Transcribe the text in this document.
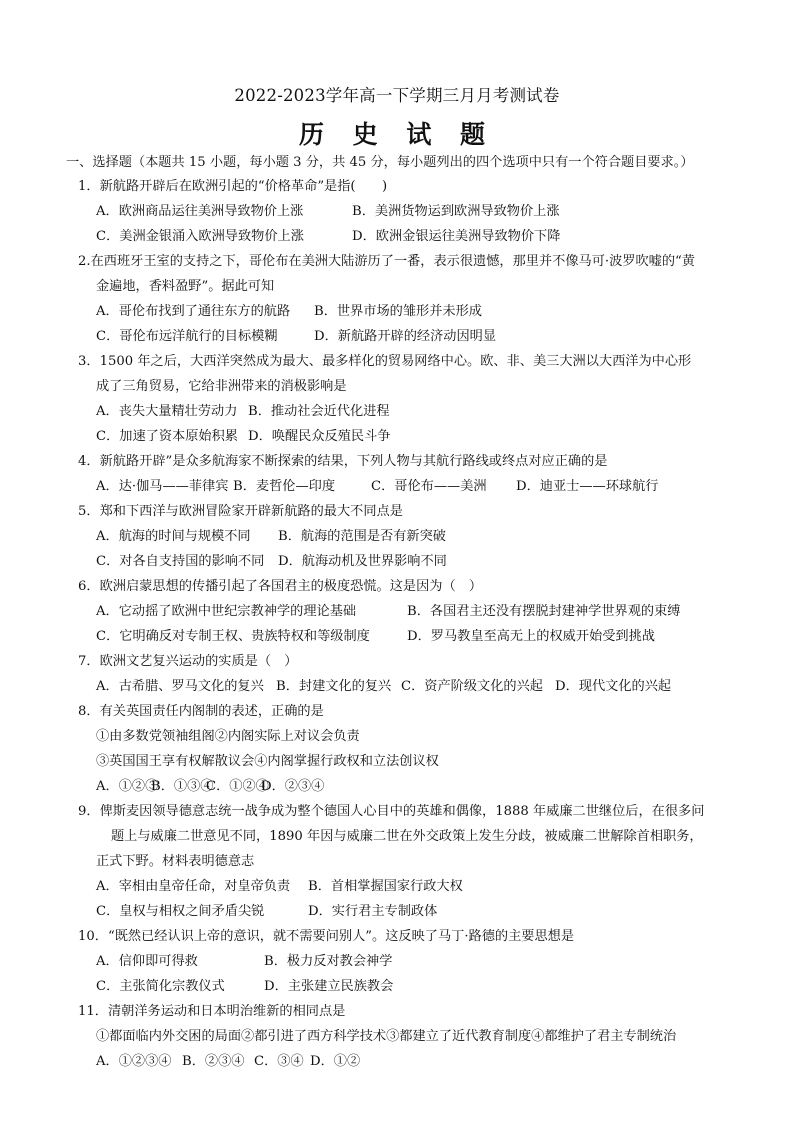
2022-2023学年高一下学期三月月考测试卷
历 史 试 题
一、选择题（本题共 15 小题，每小题 3 分，共 45 分，每小题列出的四个选项中只有一个符合题目要求。）
1．新航路开辟后在欧洲引起的“价格革命”是指(　　)
A．欧洲商品运往美洲导致物价上涨	B．美洲货物运到欧洲导致物价上涨
C．美洲金银涌入欧洲导致物价上涨	D．欧洲金银运往美洲导致物价下降
2.在西班牙王室的支持之下，哥伦布在美洲大陆游历了一番，表示很遗憾，那里并不像马可·波罗吹嘘的“黄
金遍地，香料盈野”。据此可知
A．哥伦布找到了通往东方的航路 B．世界市场的雏形并未形成
C．哥伦布远洋航行的目标模糊	D．新航路开辟的经济动因明显
3．1500 年之后，大西洋突然成为最大、最多样化的贸易网络中心。欧、非、美三大洲以大西洋为中心形
成了三角贸易，它给非洲带来的消极影响是
A．丧失大量精壮劳动力 B．推动社会近代化进程
C．加速了资本原始积累 D．唤醒民众反殖民斗争
4．新航路开辟”是众多航海家不断探索的结果，下列人物与其航行路线或终点对应正确的是
A．达·伽马——菲律宾 B．麦哲伦—印度	C．哥伦布——美洲 D．迪亚士——环球航行
5．郑和下西洋与欧洲冒险家开辟新航路的最大不同点是
A．航海的时间与规模不同 B．航海的范围是否有新突破
C．对各自支持国的影响不同 D．航海动机及世界影响不同
6．欧洲启蒙思想的传播引起了各国君主的极度恐慌。这是因为（　）
A．它动摇了欧洲中世纪宗教神学的理论基础	B．各国君主还没有摆脱封建神学世界观的束缚
C．它明确反对专制王权、贵族特权和等级制度	D．罗马教皇至高无上的权威开始受到挑战
7．欧洲文艺复兴运动的实质是（　）
A．古希腊、罗马文化的复兴 B．封建文化的复兴 C．资产阶级文化的兴起 D．现代文化的兴起
8．有关英国责任内阁制的表述，正确的是
①由多数党领袖组阁②内阁实际上对议会负责
③英国国王享有权解散议会④内阁掌握行政权和立法创议权
A．①②③B．①③④C．①②④D．②③④
9．俾斯麦因领导德意志统一战争成为整个德国人心目中的英雄和偶像，1888 年威廉二世继位后，在很多问
题上与威廉二世意见不同，1890 年因与威廉二世在外交政策上发生分歧，被威廉二世解除首相职务，
正式下野。材料表明德意志
A．宰相由皇帝任命，对皇帝负责 B．首相掌握国家行政大权
C．皇权与相权之间矛盾尖锐	D．实行君主专制政体
10．“既然已经认识上帝的意识，就不需要问别人”。这反映了马丁·路德的主要思想是
A．信仰即可得救	B．极力反对教会神学
C．主张简化宗教仪式	D．主张建立民族教会
11．清朝洋务运动和日本明治维新的相同点是
①都面临内外交困的局面②都引进了西方科学技术③都建立了近代教育制度④都维护了君主专制统治
A．①②③④ B．②③④ C．③④ D．①②
